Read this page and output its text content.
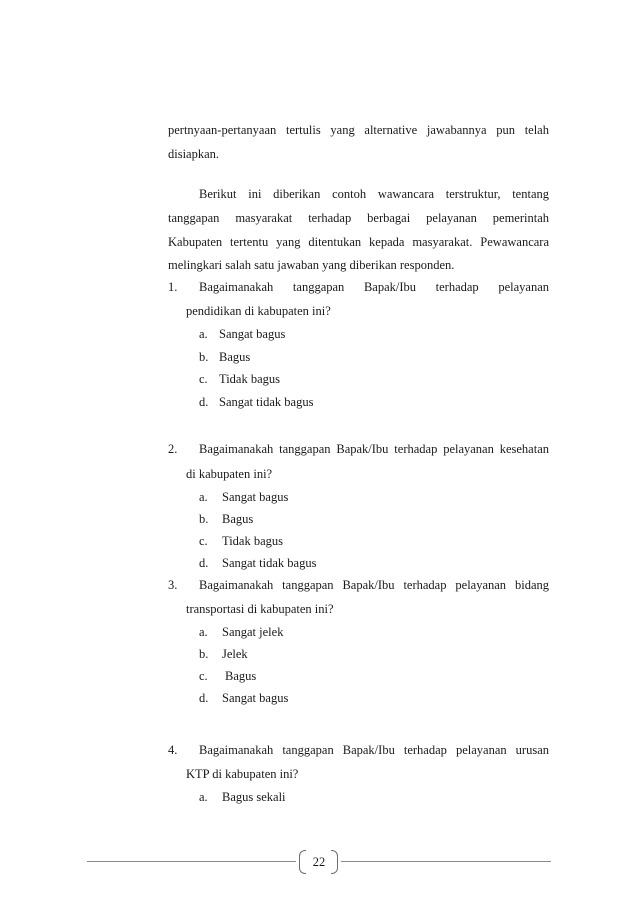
pertnyaan-pertanyaan tertulis yang alternative jawabannya pun telah
disiapkan.
Berikut ini diberikan contoh wawancara terstruktur, tentang
tanggapan masyarakat terhadap berbagai pelayanan pemerintah
Kabupaten tertentu yang ditentukan kepada masyarakat. Pewawancara
melingkari salah satu jawaban yang diberikan responden.
1. Bagaimanakah tanggapan Bapak/Ibu terhadap pelayanan
pendidikan di kabupaten ini?
a. Sangat bagus
b. Bagus
c. Tidak bagus
d. Sangat tidak bagus
2. Bagaimanakah tanggapan Bapak/Ibu terhadap pelayanan kesehatan
di kabupaten ini?
a. Sangat bagus
b. Bagus
c. Tidak bagus
d. Sangat tidak bagus
3. Bagaimanakah tanggapan Bapak/Ibu terhadap pelayanan bidang
transportasi di kabupaten ini?
a. Sangat jelek
b. Jelek
c. Bagus
d. Sangat bagus
4. Bagaimanakah tanggapan Bapak/Ibu terhadap pelayanan urusan
KTP di kabupaten ini?
a. Bagus sekali
22
